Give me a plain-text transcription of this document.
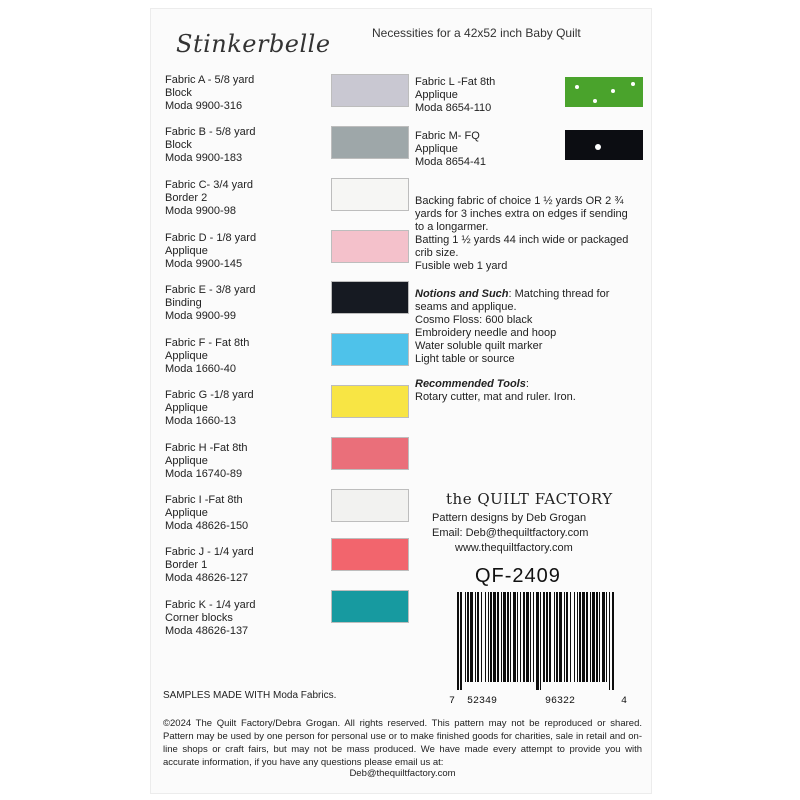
Stinkerbelle	Necessities for a 42x52 inch Baby Quilt
Fabric A - 5/8 yard
Block
Moda 9900-316
Fabric B - 5/8 yard
Block
Moda 9900-183
Fabric C- 3/4 yard
Border 2
Moda 9900-98
Fabric D - 1/8 yard
Applique
Moda 9900-145
Fabric E - 3/8 yard
Binding
Moda 9900-99
Fabric F - Fat 8th
Applique
Moda 1660-40
Fabric G -1/8 yard
Applique
Moda 1660-13
Fabric H -Fat 8th
Applique
Moda 16740-89
Fabric I -Fat 8th
Applique
Moda 48626-150
Fabric J - 1/4 yard
Border 1
Moda 48626-127
Fabric K - 1/4 yard
Corner blocks
Moda 48626-137
Fabric L -Fat 8th
Applique
Moda 8654-110
Fabric M- FQ
Applique
Moda 8654-41
Backing fabric of choice 1 ½ yards OR 2 ¾
yards for 3 inches extra on edges if sending
to a longarmer.
Batting 1 ½ yards 44 inch wide or packaged
crib size.
Fusible web 1 yard
Notions and Such: Matching thread for
seams and applique.
Cosmo Floss: 600 black
Embroidery needle and hoop
Water soluble quilt marker
Light table or source
Recommended Tools:
Rotary cutter, mat and ruler. Iron.
the QUILT FACTORY
Pattern designs by Deb Grogan
Email: Deb@thequiltfactory.com
www.thequiltfactory.com
QF-2409
7 52349	96322	4
SAMPLES MADE WITH Moda Fabrics.
©2024 The Quilt Factory/Debra Grogan. All rights reserved. This pattern may not be reproduced or shared. Pattern may be used by one person for personal use or to make finished goods for charities, sale in retail and on-line shops or craft fairs, but may not be mass produced. We have made every attempt to provide you with accurate information, if you have any questions please email us at:
Deb@thequiltfactory.com
